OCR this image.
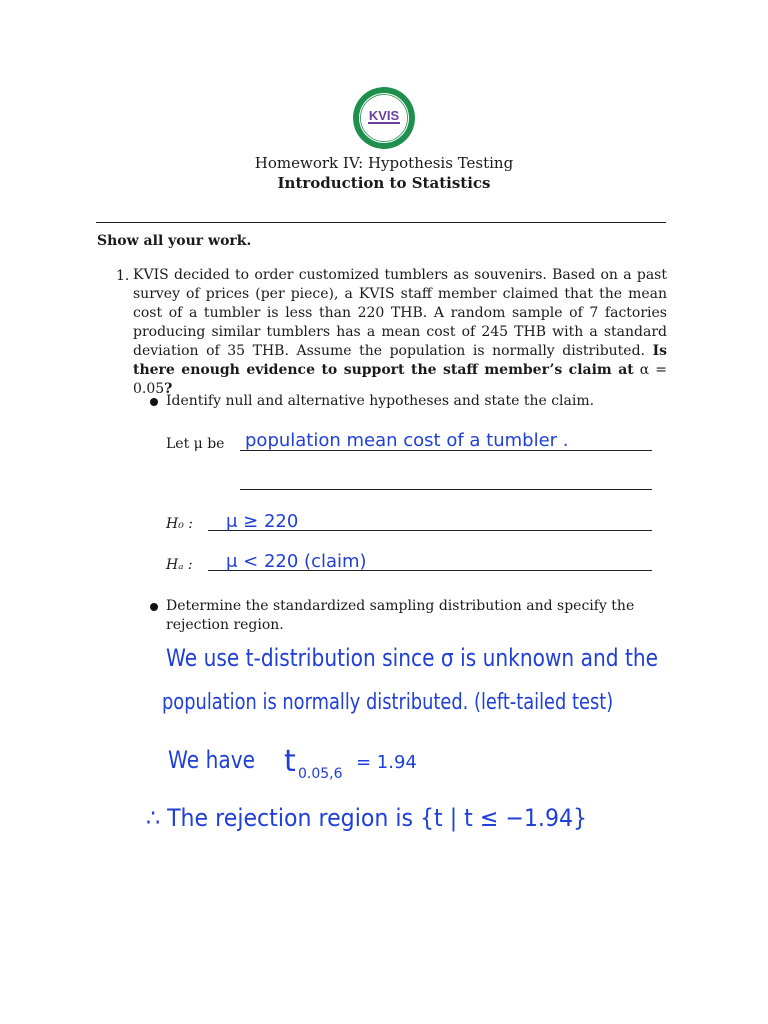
KVIS
Homework IV: Hypothesis Testing
Introduction to Statistics
Show all your work.
1. KVIS decided to order customized tumblers as souvenirs. Based on a past survey of prices (per piece), a KVIS staff member claimed that the mean cost of a tumbler is less than 220 THB. A random sample of 7 factories producing similar tumblers has a mean cost of 245 THB with a standard deviation of 35 THB. Assume the population is normally distributed. Is there enough evidence to support the staff member’s claim at α = 0.05?
Identify null and alternative hypotheses and state the claim.
Let μ be population mean cost of a tumbler .
H₀ : μ ≥ 220
Hₐ : μ < 220 (claim)
Determine the standardized sampling distribution and specify the rejection region.
We use t-distribution since σ is unknown and the
population is normally distributed. (left-tailed test)
We have t 0.05,6
= 1.94
∴ The rejection region is {t | t ≤ −1.94}
